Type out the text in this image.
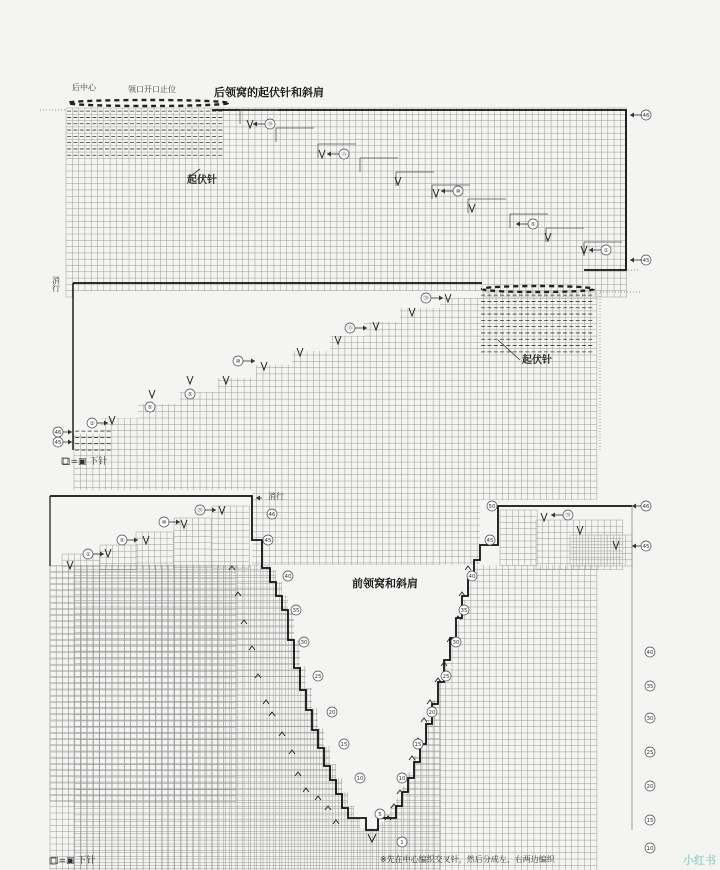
⑳
⑮
⑩
⑤
①
46
45
①
⑤
⑤
⑩
⑮
⑳
46
45
①
⑤
⑩
⑳
46
45
40
35
30
25
20
15
10
5
1
50
45
40
35
30
25
20
15
10
⑳
46
45
40
35
30
25
20
15
10
后中心	领口开口止位	后领窝的起伏针和斜肩
起伏针
消行
起伏针
□=▣ 下针
前领窝和斜肩
消行
□=▣ 下针	※先在中心编织交叉针，然后分成左、右两边编织	小红书
